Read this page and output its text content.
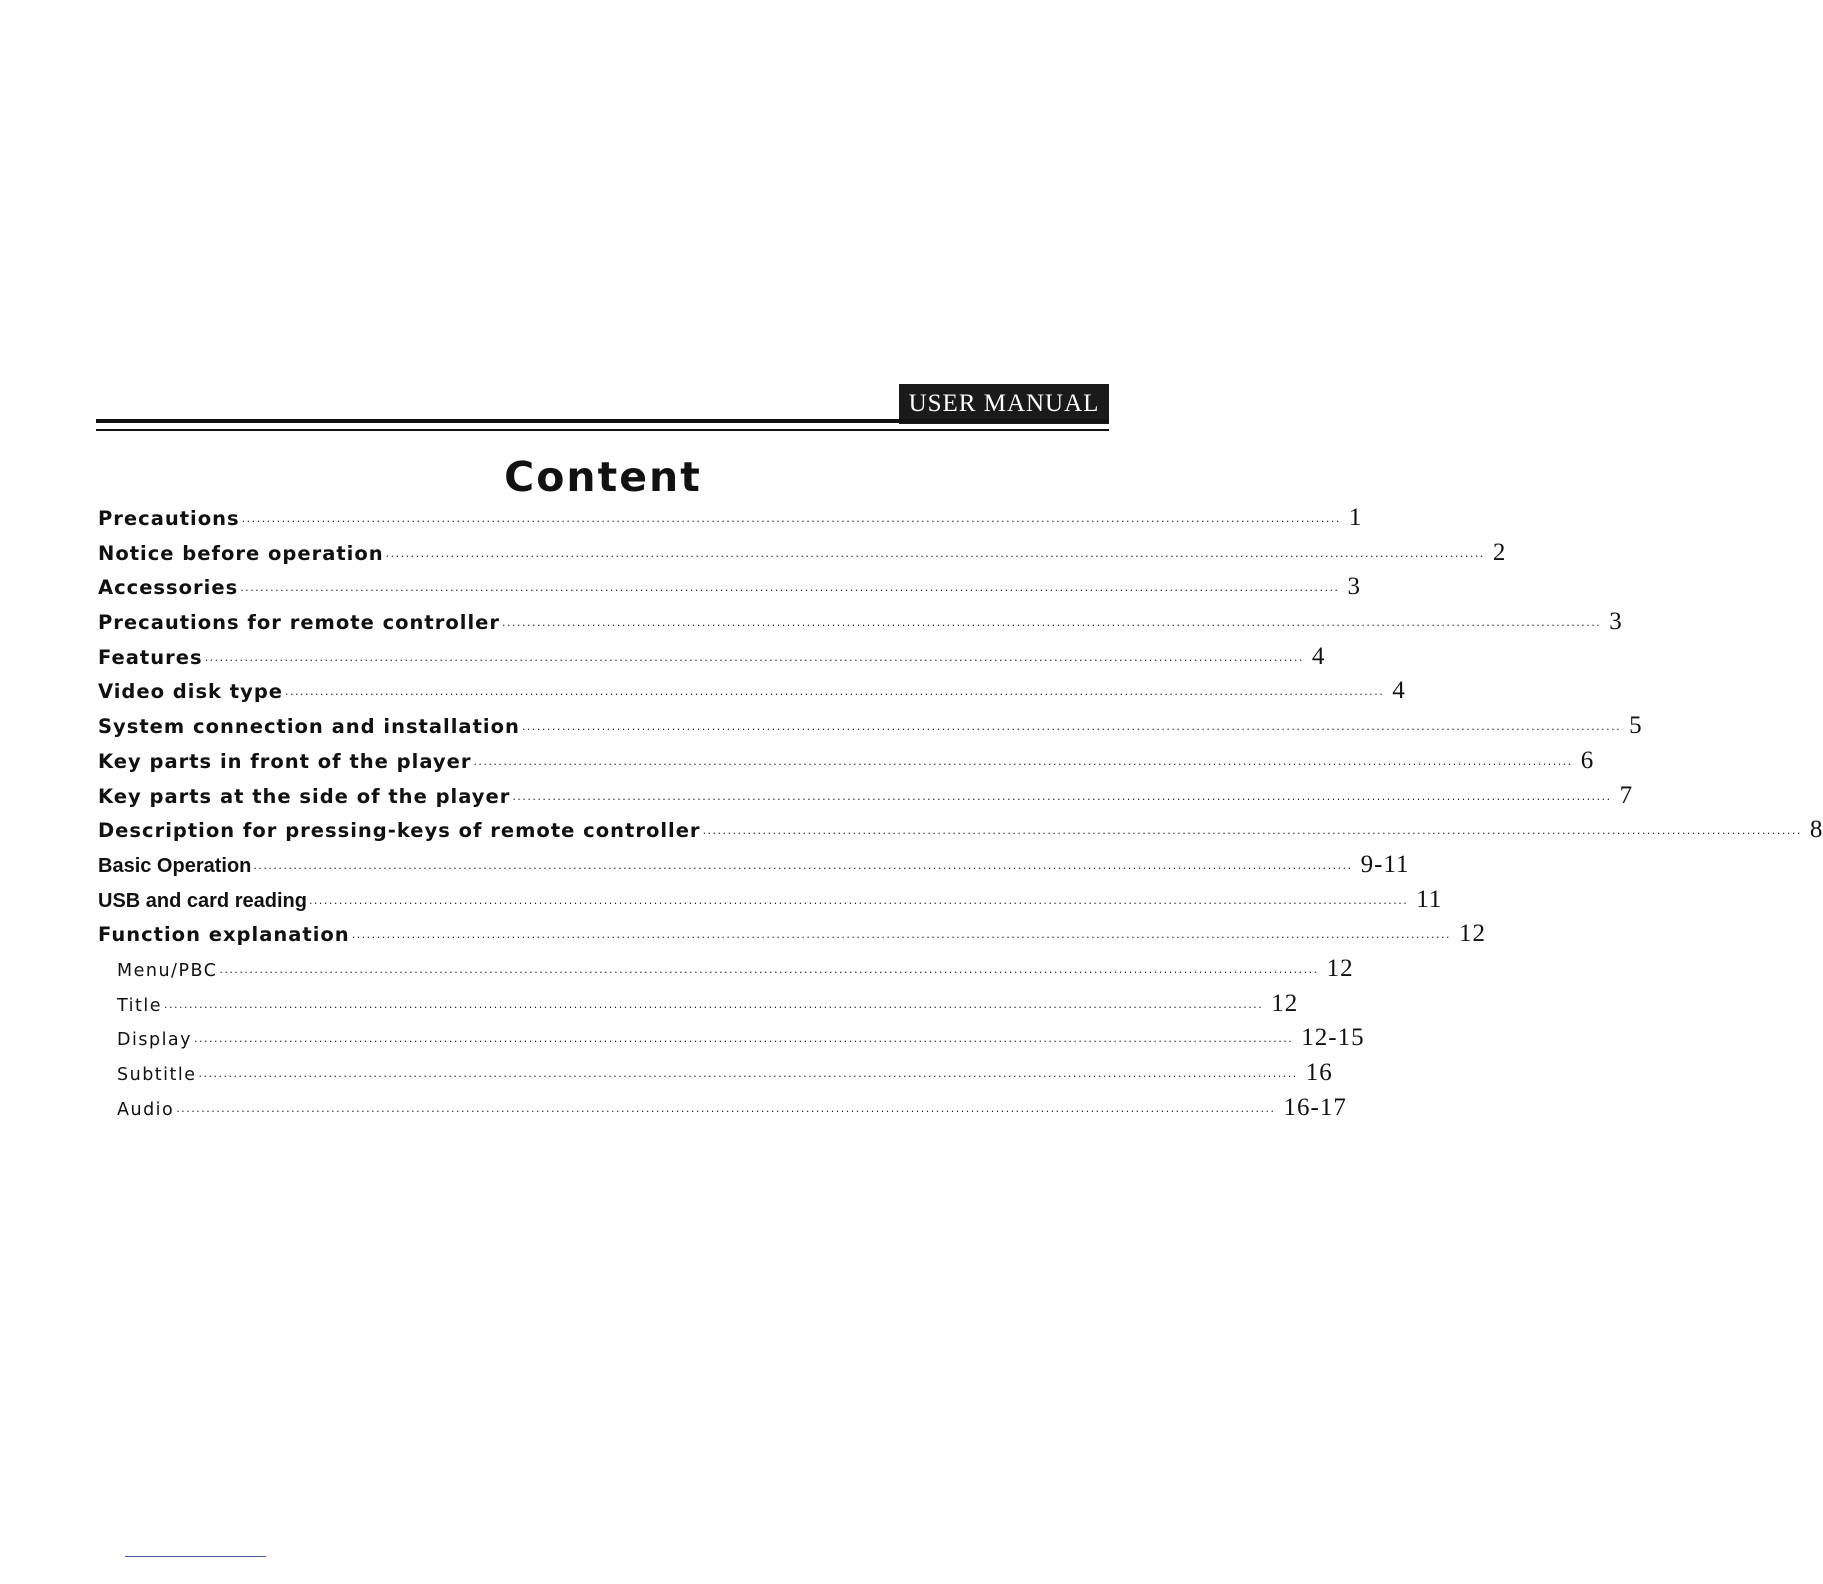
USER MANUAL
Content
Precautions ···························································································································································································································· 1
Notice before operation ···························································································································································································································· 2
Accessories ···························································································································································································································· 3
Precautions for remote controller ···························································································································································································································· 3
Features ···························································································································································································································· 4
Video disk type ···························································································································································································································· 4
System connection and installation ···························································································································································································································· 5
Key parts in front of the player ···························································································································································································································· 6
Key parts at the side of the player ···························································································································································································································· 7
Description for pressing-keys of remote controller ···························································································································································································································· 8
Basic Operation ···························································································································································································································· 9-11
USB and card reading ···························································································································································································································· 11
Function explanation ···························································································································································································································· 12
Menu/PBC ···························································································································································································································· 12
Title ···························································································································································································································· 12
Display ···························································································································································································································· 12-15
Subtitle ···························································································································································································································· 16
Audio ···························································································································································································································· 16-17
